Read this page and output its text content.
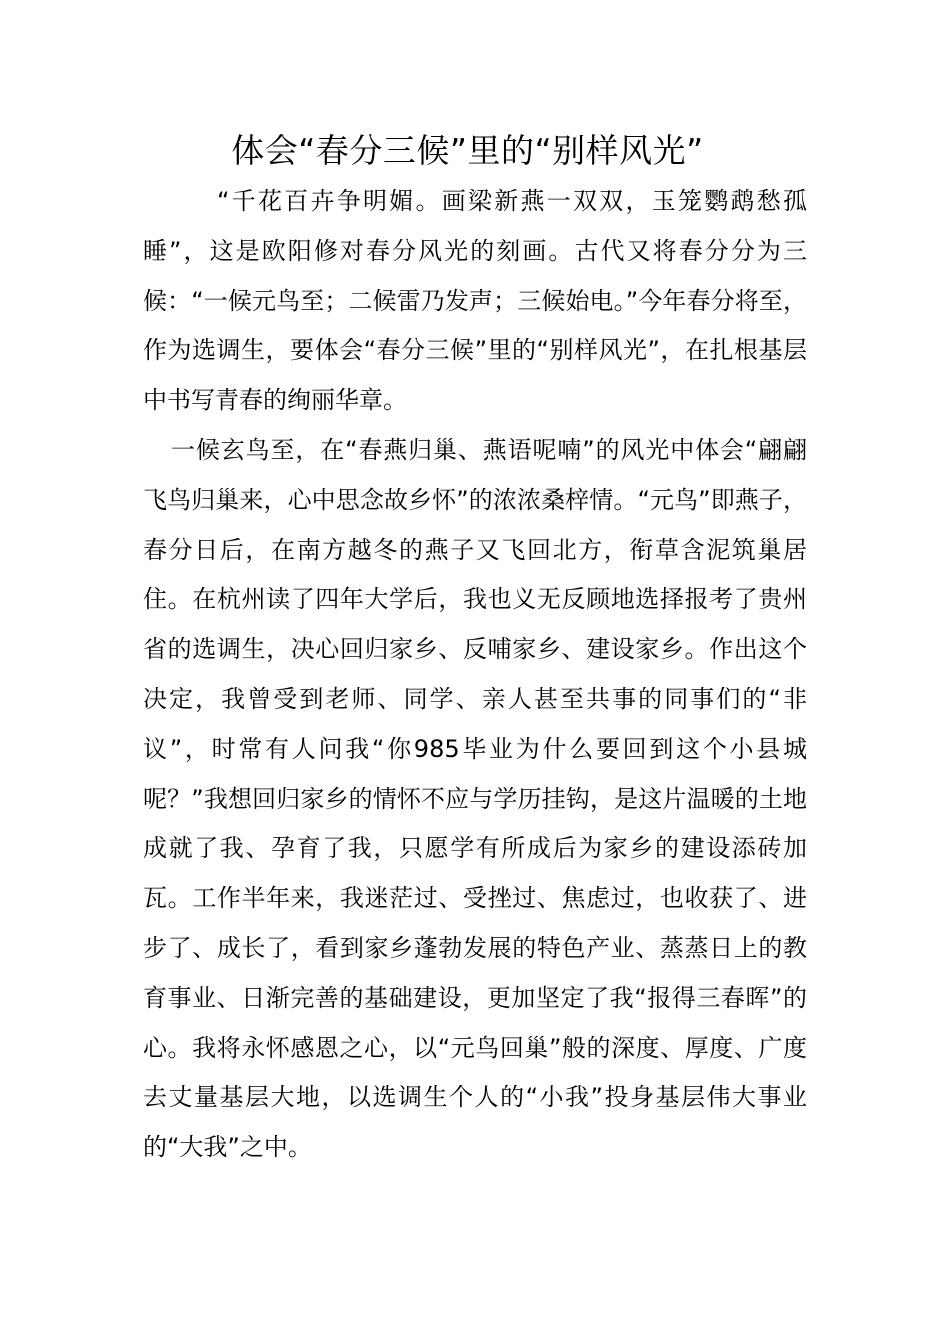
体会“春分三候”里的“别样风光”

“千花百卉争明媚。画梁新燕一双双，玉笼鹦鹉愁孤睡”，这是欧阳修对春分风光的刻画。古代又将春分分为三候：“一候元鸟至；二候雷乃发声；三候始电。”今年春分将至，作为选调生，要体会“春分三候”里的“别样风光”，在扎根基层中书写青春的绚丽华章。

一候玄鸟至，在“春燕归巢、燕语呢喃”的风光中体会“翩翩飞鸟归巢来，心中思念故乡怀”的浓浓桑梓情。“元鸟”即燕子，春分日后，在南方越冬的燕子又飞回北方，衔草含泥筑巢居住。在杭州读了四年大学后，我也义无反顾地选择报考了贵州省的选调生，决心回归家乡、反哺家乡、建设家乡。作出这个决定，我曾受到老师、同学、亲人甚至共事的同事们的“非议”，时常有人问我“你985毕业为什么要回到这个小县城呢？”我想回归家乡的情怀不应与学历挂钩，是这片温暖的土地成就了我、孕育了我，只愿学有所成后为家乡的建设添砖加瓦。工作半年来，我迷茫过、受挫过、焦虑过，也收获了、进步了、成长了，看到家乡蓬勃发展的特色产业、蒸蒸日上的教育事业、日渐完善的基础建设，更加坚定了我“报得三春晖”的心。我将永怀感恩之心，以“元鸟回巢”般的深度、厚度、广度去丈量基层大地，以选调生个人的“小我”投身基层伟大事业的“大我”之中。
